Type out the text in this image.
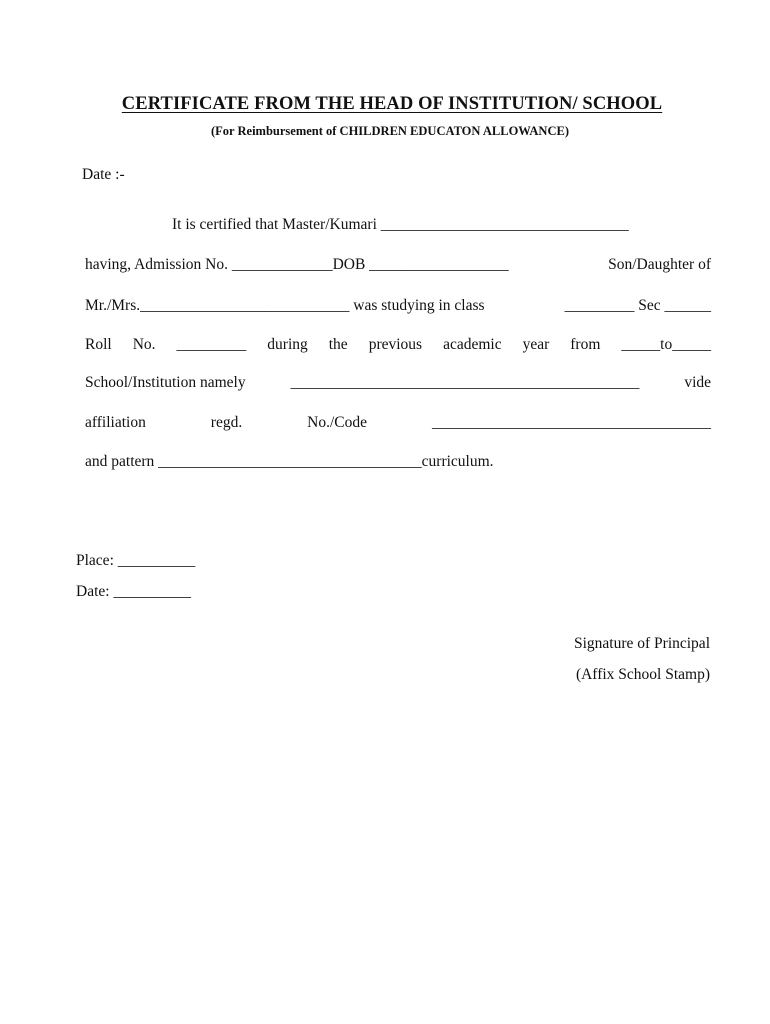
CERTIFICATE FROM THE HEAD OF INSTITUTION/ SCHOOL
(For Reimbursement of CHILDREN EDUCATON ALLOWANCE)
Date :-
It is certified that Master/Kumari ________________________________
having, Admission No. _____________DOB __________________	Son/Daughter of
Mr./Mrs.___________________________ was studying in class	_________ Sec ______
Roll No. _________ during the previous academic year from _____to_____
School/Institution namely	_____________________________________________	vide
affiliation	regd.	No./Code	____________________________________
and pattern __________________________________curriculum.
Place: __________
Date: __________
Signature of Principal
(Affix School Stamp)
